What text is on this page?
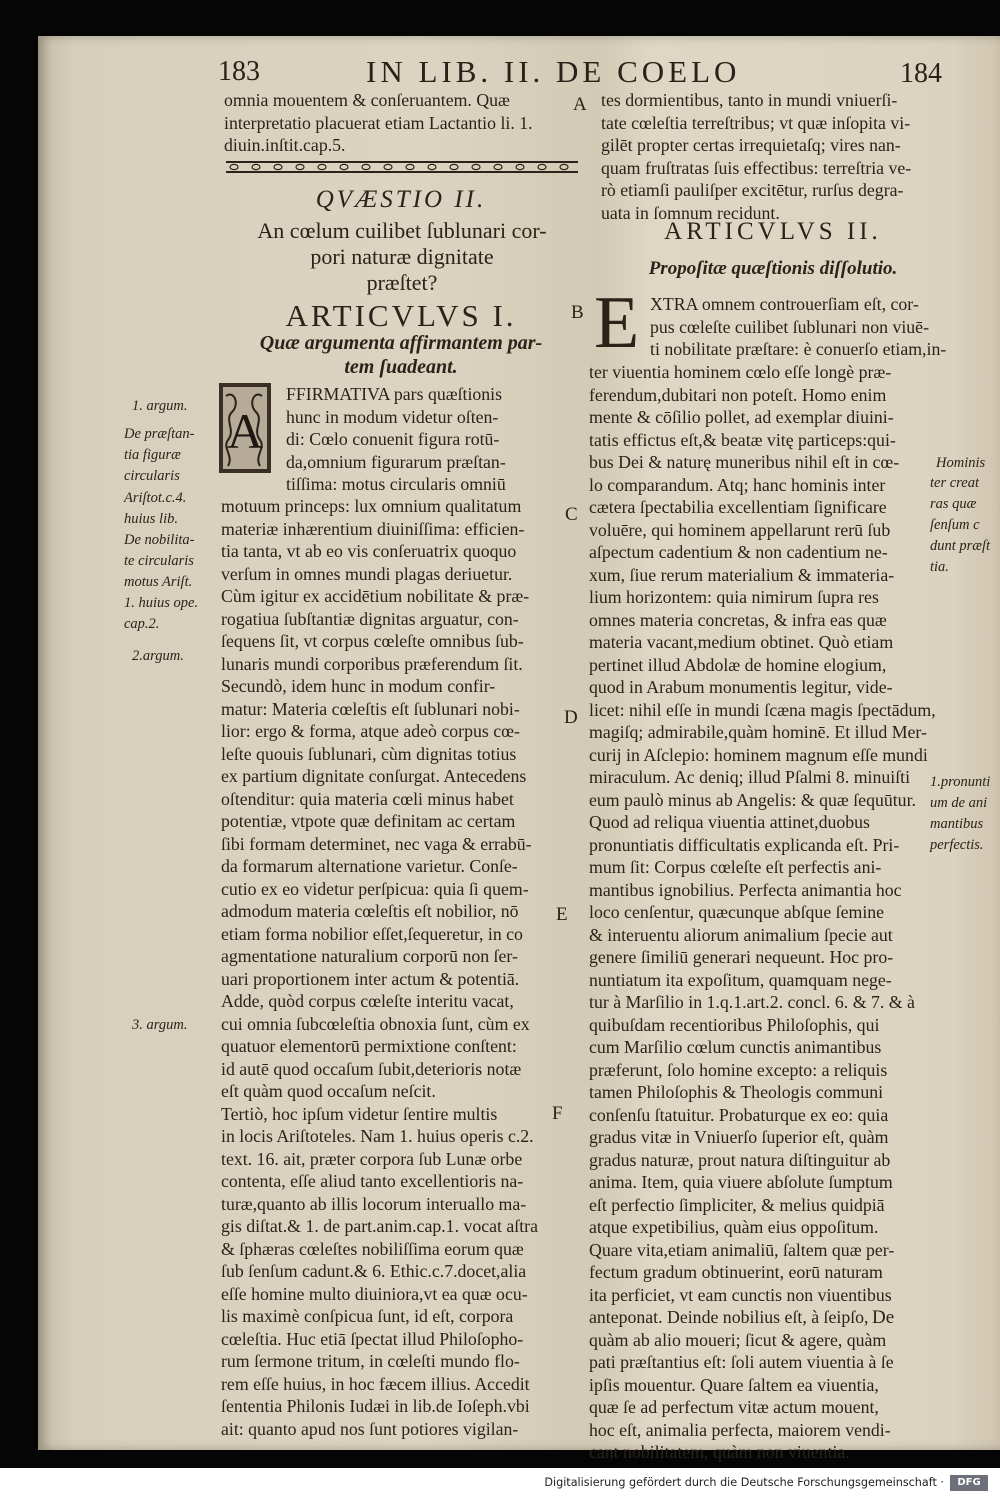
183	IN LIB. II. DE COELO	184
omnia mouentem & conſeruantem. Quæ
interpretatio placuerat etiam Lactantio li. 1.
diuin.inſtit.cap.5.
QVÆSTIO II.
An cœlum cuilibet ſublunari cor-
pori naturæ dignitate
præſtet?
ARTICVLVS I.
Quæ argumenta affirmantem par-
tem ſuadeant.
A
FFIRMATIVA pars quæſtionis
hunc in modum videtur oſten-
di: Cœlo conuenit figura rotū-
da,omnium figurarum præſtan-
tiſſima: motus circularis omniū
motuum princeps: lux omnium qualitatum
materiæ inhærentium diuiniſſima: efficien-
tia tanta, vt ab eo vis conſeruatrix quoquo
verſum in omnes mundi plagas deriuetur.
Cùm igitur ex accidētium nobilitate & præ-
rogatiua ſubſtantiæ dignitas arguatur, con-
ſequens ſit, vt corpus cœleſte omnibus ſub-
lunaris mundi corporibus præferendum ſit.
Secundò, idem hunc in modum confir-
matur: Materia cœleſtis eſt ſublunari nobi-
lior: ergo & forma, atque adeò corpus cœ-
leſte quouis ſublunari, cùm dignitas totius
ex partium dignitate conſurgat. Antecedens
oſtenditur: quia materia cœli minus habet
potentiæ, vtpote quæ definitam ac certam
ſibi formam determinet, nec vaga & errabū-
da formarum alternatione varietur. Conſe-
cutio ex eo videtur perſpicua: quia ſi quem-
admodum materia cœleſtis eſt nobilior, nō
etiam forma nobilior eſſet,ſequeretur, in co
agmentatione naturalium corporū non ſer-
uari proportionem inter actum & potentiā.
Adde, quòd corpus cœleſte interitu vacat,
cui omnia ſubcœleſtia obnoxia ſunt, cùm ex
quatuor elementorū permixtione conſtent:
id autē quod occaſum ſubit,deterioris notæ
eſt quàm quod occaſum neſcit.
Tertiò, hoc ipſum videtur ſentire multis
in locis Ariſtoteles. Nam 1. huius operis c.2.
text. 16. ait, præter corpora ſub Lunæ orbe
contenta, eſſe aliud tanto excellentioris na-
turæ,quanto ab illis locorum interuallo ma-
gis diſtat.& 1. de part.anim.cap.1. vocat aſtra
& ſphæras cœleſtes nobiliſſima eorum quæ
ſub ſenſum cadunt.& 6. Ethic.c.7.docet,alia
eſſe homine multo diuiniora,vt ea quæ ocu-
lis maximè conſpicua ſunt, id eſt, corpora
cœleſtia. Huc etiā ſpectat illud Philoſopho-
rum ſermone tritum, in cœleſti mundo flo-
rem eſſe huius, in hoc fæcem illius. Accedit
ſententia Philonis Iudæi in lib.de Ioſeph.vbi
ait: quanto apud nos ſunt potiores vigilan-
1. argum.
De præſtan-
tia figuræ
circularis
Ariſtot.c.4.
huius lib.
De nobilita-
te circularis
motus Ariſt.
1. huius ope.
cap.2.
2.argum.
3. argum.
A
B
C
D
E
F
tes dormientibus, tanto in mundi vniuerſi-
tate cœleſtia terreſtribus; vt quæ inſopita vi-
gilēt propter certas irrequietaſq; vires nan-
quam fruſtratas ſuis effectibus: terreſtria ve-
rò etiamſi pauliſper excitētur, rurſus degra-
uata in ſomnum recidunt.
ARTICVLVS II.
Propoſitæ quæſtionis diſſolutio.
E XTRA omnem controuerſiam eſt, cor-
pus cœleſte cuilibet ſublunari non viuē-
ti nobilitate præſtare: è conuerſo etiam,in-
ter viuentia hominem cœlo eſſe longè præ-
ferendum,dubitari non poteſt. Homo enim
mente & cōſilio pollet, ad exemplar diuini-
tatis effictus eſt,& beatæ vitę particeps:qui-
bus Dei & naturę muneribus nihil eſt in cœ-
lo comparandum. Atq; hanc hominis inter
cætera ſpectabilia excellentiam ſignificare
voluēre, qui hominem appellarunt rerū ſub
aſpectum cadentium & non cadentium ne-
xum, ſiue rerum materialium & immateria-
lium horizontem: quia nimirum ſupra res
omnes materia concretas, & infra eas quæ
materia vacant,medium obtinet. Quò etiam
pertinet illud Abdolæ de homine elogium,
quod in Arabum monumentis legitur, vide-
licet: nihil eſſe in mundi ſcæna magis ſpectādum,
magiſq; admirabile,quàm hominē. Et illud Mer-
curij in Aſclepio: hominem magnum eſſe mundi
miraculum. Ac deniq; illud Pſalmi 8. minuiſti
eum paulò minus ab Angelis: & quæ ſequūtur.
Quod ad reliqua viuentia attinet,duobus
pronuntiatis difficultatis explicanda eſt. Pri-
mum ſit: Corpus cœleſte eſt perfectis ani-
mantibus ignobilius. Perfecta animantia hoc
loco cenſentur, quæcunque abſque ſemine
& interuentu aliorum animalium ſpecie aut
genere ſimiliū generari nequeunt. Hoc pro-
nuntiatum ita expoſitum, quamquam nege-
tur à Marſilio in 1.q.1.art.2. concl. 6. & 7. & à
quibuſdam recentioribus Philoſophis, qui
cum Marſilio cœlum cunctis animantibus
præferunt, ſolo homine excepto: a reliquis
tamen Philoſophis & Theologis communi
conſenſu ſtatuitur. Probaturque ex eo: quia
gradus vitæ in Vniuerſo ſuperior eſt, quàm
gradus naturæ, prout natura diſtinguitur ab
anima. Item, quia viuere abſolute ſumptum
eſt perfectio ſimpliciter, & melius quidpiā
atque expetibilius, quàm eius oppoſitum.
Quare vita,etiam animaliū, ſaltem quæ per-
fectum gradum obtinuerint, eorū naturam
ita perficiet, vt eam cunctis non viuentibus
anteponat. Deinde nobilius eſt, à ſeipſo,
quàm ab alio moueri; ſicut & agere, quàm
pati præſtantius eſt: ſoli autem viuentia à ſe
ipſis mouentur. Quare ſaltem ea viuentia,
quæ ſe ad perfectum vitæ actum mouent,
hoc eſt, animalia perfecta, maiorem vendi-
cant nobilitatem, quàm non viuentia.
De
Hominis
ter creat
ras quæ
ſenſum c
dunt præſt
tia.
1.pronunti
um de ani
mantibus
perfectis.
Digitalisierung gefördert durch die Deutsche Forschungsgemeinschaft ·	DFG
